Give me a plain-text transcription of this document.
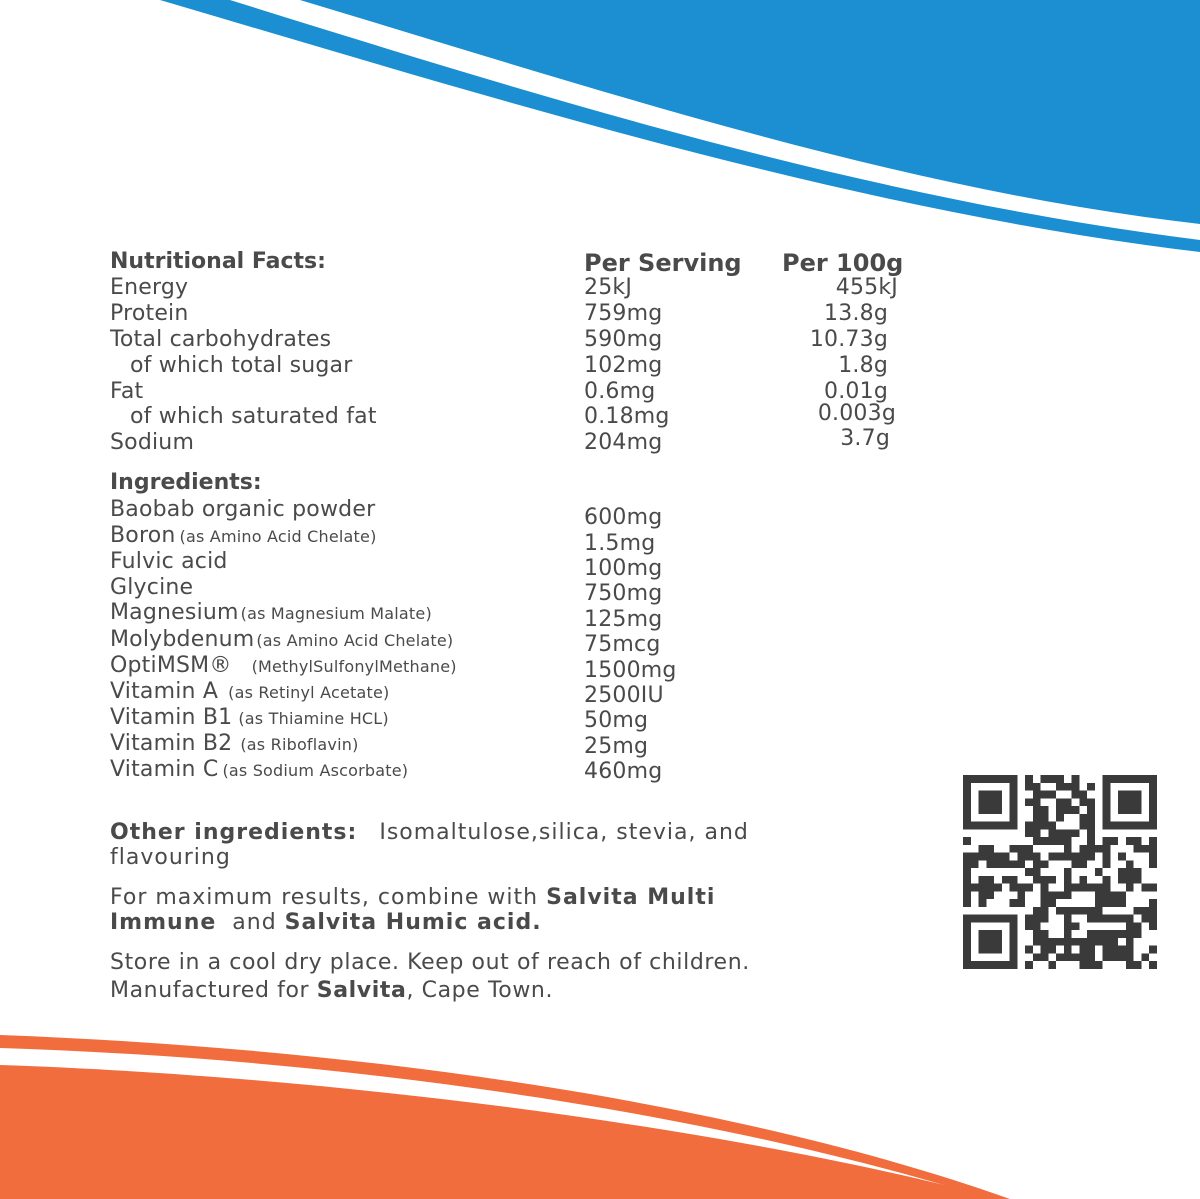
Nutritional Facts:	Per Serving Per 100g
Energy	25kJ	455kJ
Protein	759mg	13.8g
Total carbohydrates	590mg	10.73g
of which total sugar	102mg	1.8g
Fat	0.6mg	0.01g
of which saturated fat	0.18mg	0.003g
Sodium	204mg	3.7g
Ingredients:
Baobab organic powder	600mg
Boron (as Amino Acid Chelate)	1.5mg
Fulvic acid	100mg
Glycine	750mg
Magnesium (as Magnesium Malate)	125mg
Molybdenum (as Amino Acid Chelate)	75mcg
OptiMSM® (MethylSulfonylMethane)	1500mg
Vitamin A (as Retinyl Acetate)	2500IU
Vitamin B1 (as Thiamine HCL)	50mg
Vitamin B2 (as Riboflavin)	25mg
Vitamin C (as Sodium Ascorbate)	460mg
Other ingredients: Isomaltulose,silica, stevia, and
flavouring
For maximum results, combine with Salvita Multi
Immune and Salvita Humic acid.
Store in a cool dry place. Keep out of reach of children.
Manufactured for Salvita, Cape Town.
